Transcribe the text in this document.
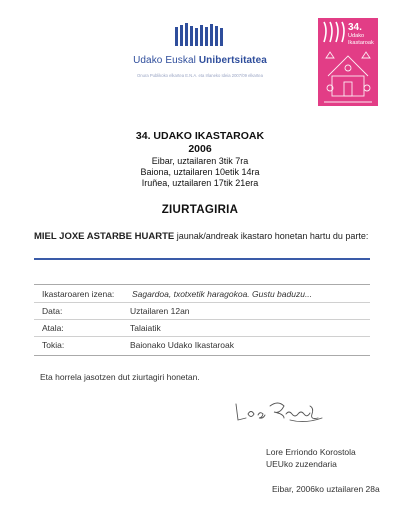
Udako Euskal Unibertsitatea
Onura Publikoko elkartea E.N.A. eta Irlaneko Ideia 2007/09 elkartea
34.
Udako
Ikastaroak
34. UDAKO IKASTAROAK
2006
Eibar, uztailaren 3tik 7ra
Baiona, uztailaren 10etik 14ra
Iruñea, uztailaren 17tik 21era
ZIURTAGIRIA
MIEL JOXE ASTARBE HUARTE jaunak/andreak ikastaro honetan hartu du parte:
Ikastaroaren izena: Sagardoa, txotxetik haragokoa. Gustu baduzu...
Data:	Uztailaren 12an
Atala:	Talaiatik
Tokia:	Baionako Udako Ikastaroak
Eta horrela jasotzen dut ziurtagiri honetan.
Lore Erriondo Korostola
UEUko zuzendaria
Eibar, 2006ko uztailaren 28a
